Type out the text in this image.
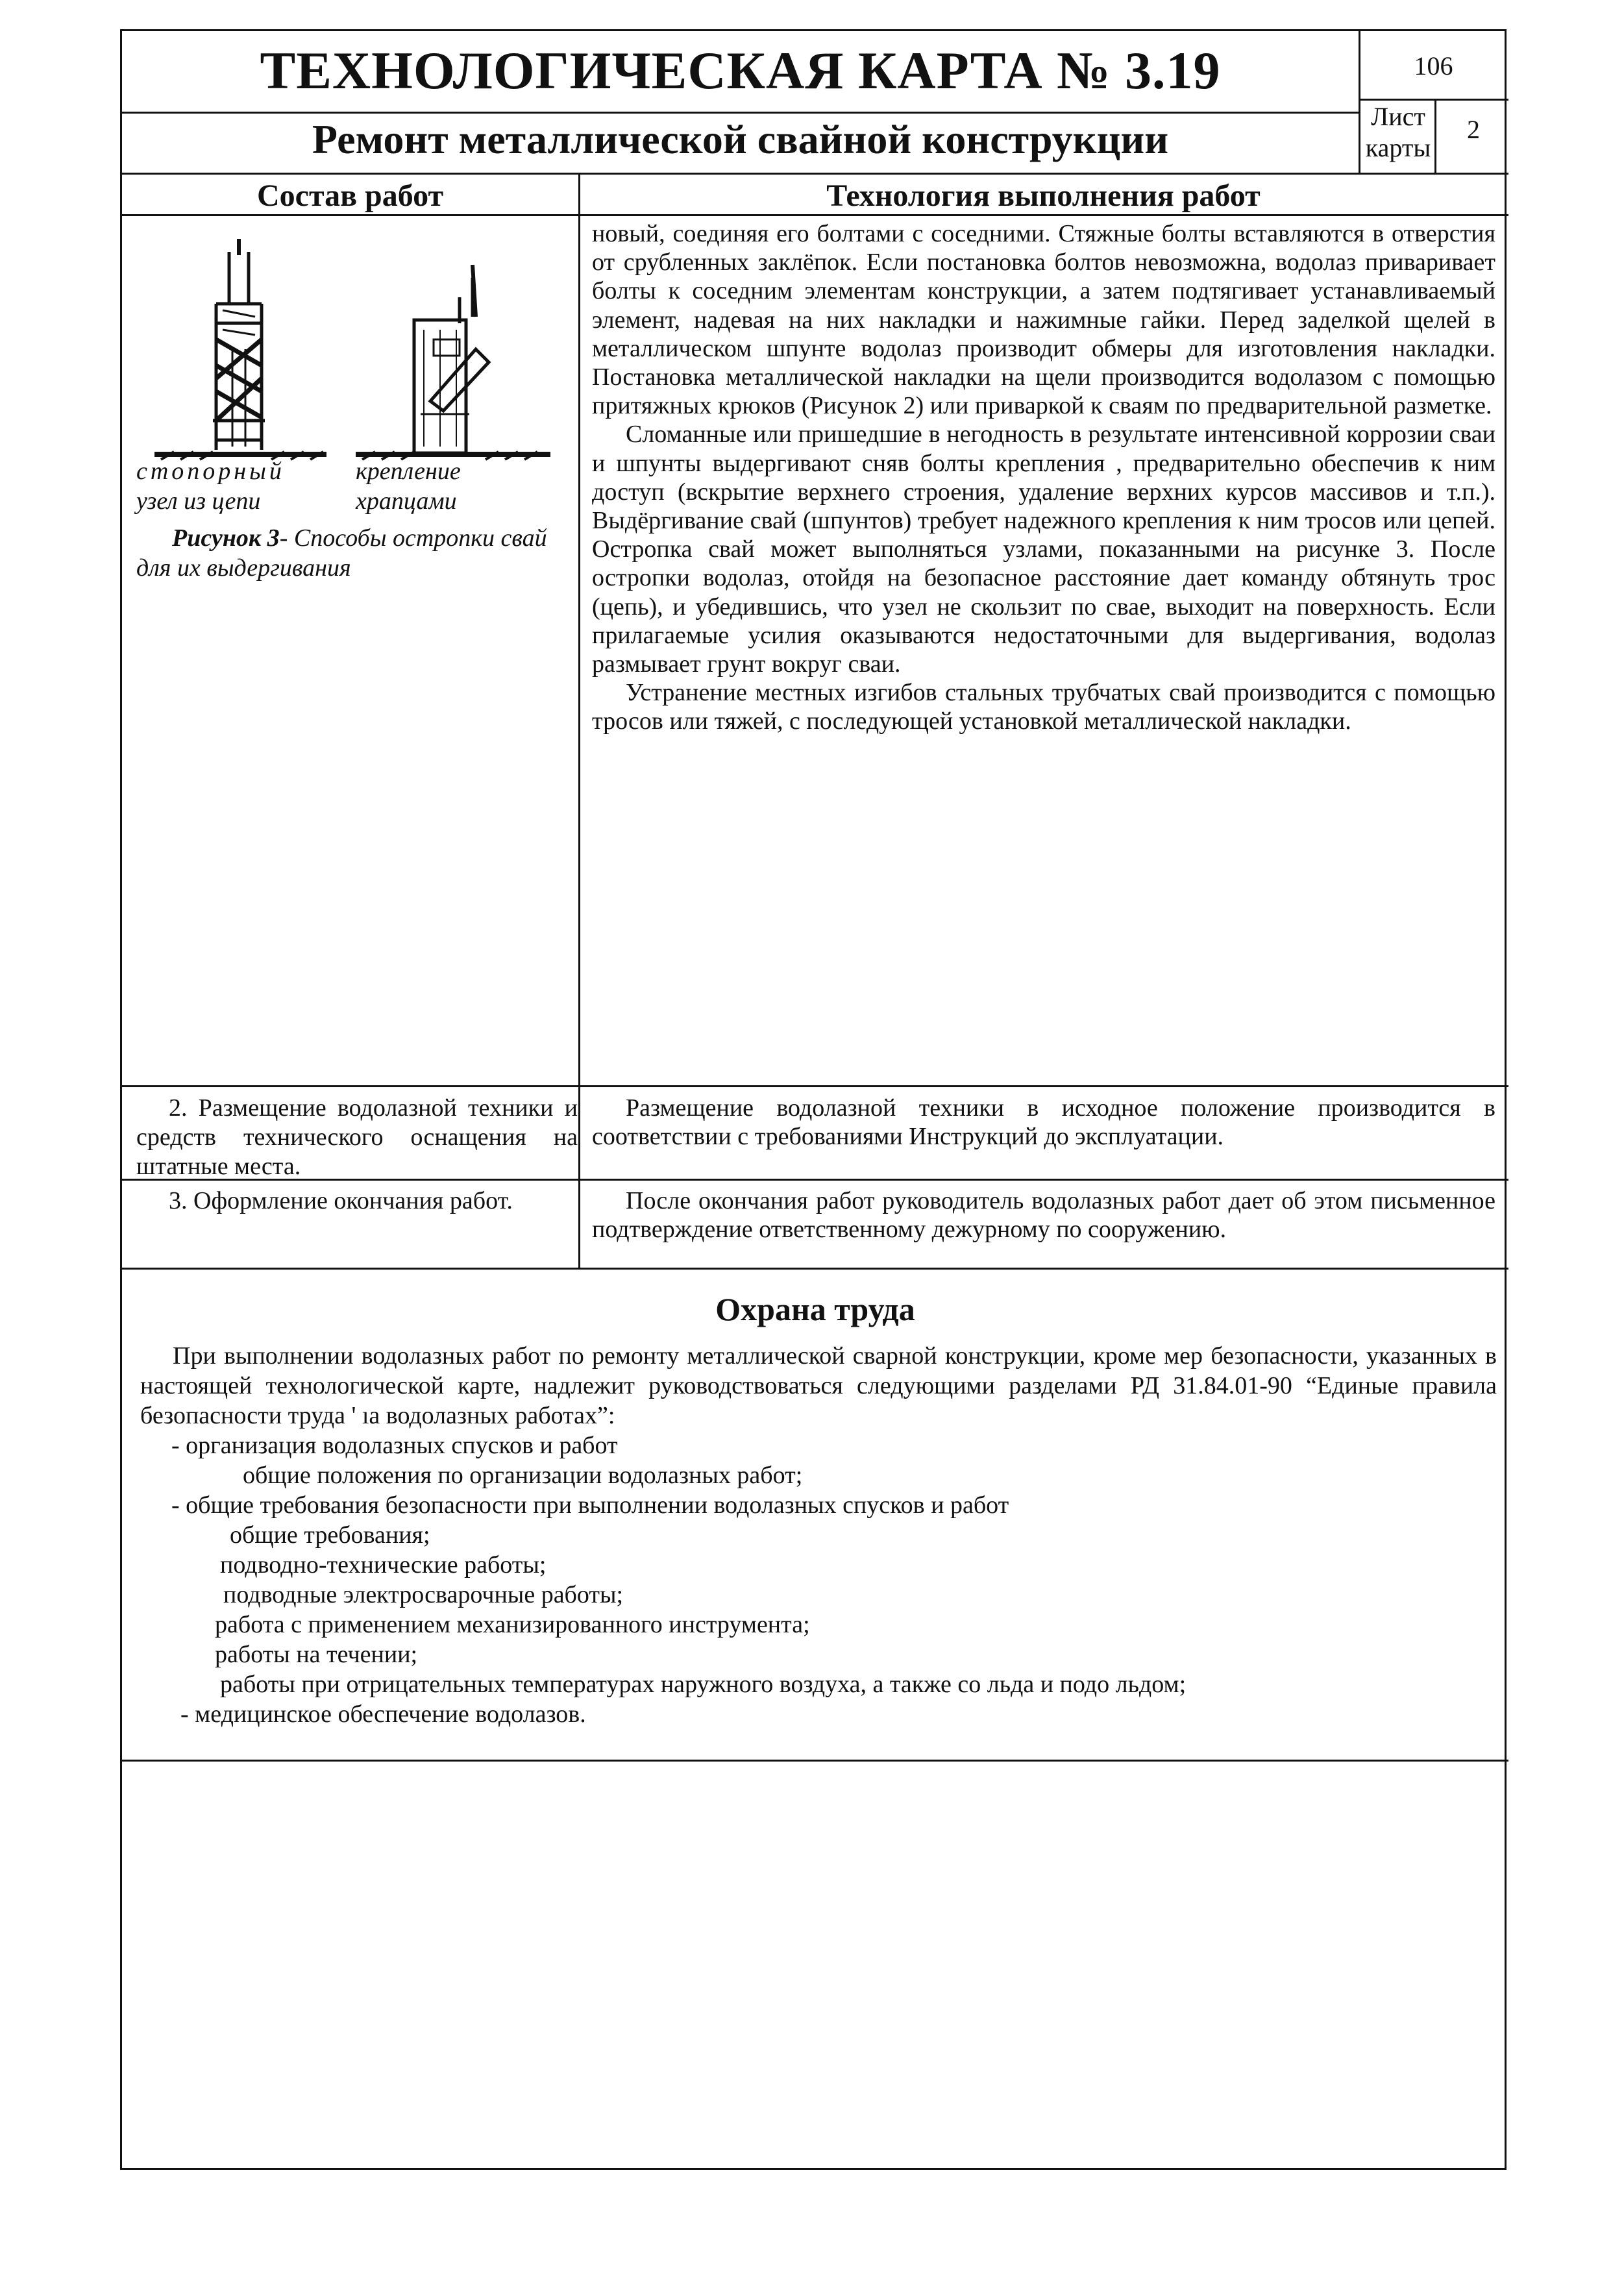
ТЕХНОЛОГИЧЕСКАЯ КАРТА № 3.19
Ремонт металлической свайной конструкции
106
Лист
карты
2
Состав работ	Технология выполнения работ
стопорный
узел из цепи
крепление
храпцами
Рисунок 3- Способы остропки свай для их выдергивания

новый, соединяя его болтами с соседними. Стяжные болты вставляются в отверстия от срубленных заклёпок. Если постановка болтов невозможна, водолаз приваривает болты к соседним элементам конструкции, а затем подтягивает устанавливаемый элемент, надевая на них накладки и нажимные гайки. Перед заделкой щелей в металлическом шпунте водолаз производит обмеры для изготовления накладки. Постановка металлической накладки на щели производится водолазом с помощью притяжных крюков (Рисунок 2) или приваркой к сваям по предварительной разметке.

Сломанные или пришедшие в негодность в результате интенсивной коррозии сваи и шпунты выдергивают сняв болты крепления , предварительно обеспечив к ним доступ (вскрытие верхнего строения, удаление верхних курсов массивов и т.п.). Выдёргивание свай (шпунтов) требует надежного крепления к ним тросов или цепей. Остропка свай может выполняться узлами, показанными на рисунке 3. После остропки водолаз, отойдя на безопасное расстояние дает команду обтянуть трос (цепь), и убедившись, что узел не скользит по свае, выходит на поверхность. Если прилагаемые усилия оказываются недостаточными для выдергивания, водолаз размывает грунт вокруг сваи.

Устранение местных изгибов стальных трубчатых свай производится с помощью тросов или тяжей, с последующей установкой металлической накладки.

2. Размещение водолазной техники и средств технического оснащения на штатные места.
Размещение водолазной техники в исходное положение производится в соответствии с требованиями Инструкций до эксплуатации.
3. Оформление окончания работ.	После окончания работ руководитель водолазных работ дает об этом письменное подтверждение ответственному дежурному по сооружению.
Охрана труда

При выполнении водолазных работ по ремонту металлической сварной конструкции, кроме мер безопасности, указанных в настоящей технологической карте, надлежит руководствоваться следующими разделами РД 31.84.01-90 “Единые правила безопасности труда ' ıа водолазных работах”:

- организация водолазных спусков и работ

общие положения по организации водолазных работ;

- общие требования безопасности при выполнении водолазных спусков и работ

общие требования;

подводно-технические работы;

подводные электросварочные работы;

работа с применением механизированного инструмента;

работы на течении;

работы при отрицательных температурах наружного воздуха, а также со льда и подо льдом;

- медицинское обеспечение водолазов.
